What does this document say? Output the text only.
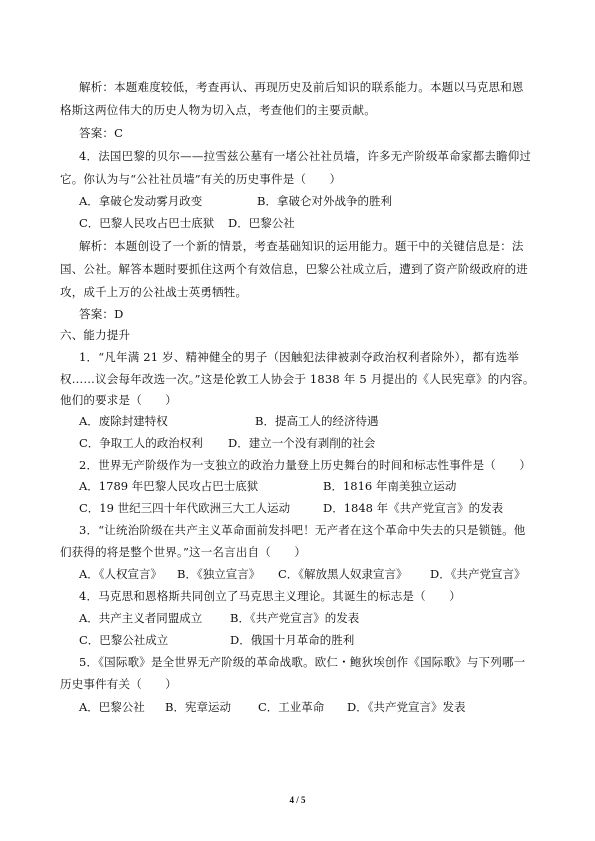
解析：本题难度较低，考查再认、再现历史及前后知识的联系能力。本题以马克思和恩
格斯这两位伟大的历史人物为切入点，考查他们的主要贡献。
答案：C
4．法国巴黎的贝尔——拉雪兹公墓有一堵公社社员墙，许多无产阶级革命家都去瞻仰过
它。你认为与“公社社员墙”有关的历史事件是（　　）
A．拿破仑发动雾月政变	B．拿破仑对外战争的胜利
C．巴黎人民攻占巴士底狱 D．巴黎公社
解析：本题创设了一个新的情景，考查基础知识的运用能力。题干中的关键信息是：法
国、公社。解答本题时要抓住这两个有效信息，巴黎公社成立后，遭到了资产阶级政府的进
攻，成千上万的公社战士英勇牺牲。
答案：D
六、能力提升
1．“凡年满 21 岁、精神健全的男子（因触犯法律被剥夺政治权利者除外），都有选举
权……议会每年改选一次。”这是伦敦工人协会于 1838 年 5 月提出的《人民宪章》的内容。
他们的要求是（　　）
A．废除封建特权	B．提高工人的经济待遇
C．争取工人的政治权利 D．建立一个没有剥削的社会
2．世界无产阶级作为一支独立的政治力量登上历史舞台的时间和标志性事件是（　　）
A．1789 年巴黎人民攻占巴士底狱	B．1816 年南美独立运动
C．19 世纪三四十年代欧洲三大工人运动	D．1848 年《共产党宣言》的发表
3．“让统治阶级在共产主义革命面前发抖吧！无产者在这个革命中失去的只是锁链。他
们获得的将是整个世界。”这一名言出自（　　）
A．《人权宣言》 B．《独立宣言》 C．《解放黑人奴隶宣言》 D．《共产党宣言》
4．马克思和恩格斯共同创立了马克思主义理论。其诞生的标志是（　　）
A．共产主义者同盟成立 B．《共产党宣言》的发表
C．巴黎公社成立	D．俄国十月革命的胜利
5．《国际歌》是全世界无产阶级的革命战歌。欧仁・鲍狄埃创作《国际歌》与下列哪一
历史事件有关（　　）
A．巴黎公社 B．宪章运动 C．工业革命 D．《共产党宣言》发表
4 / 5
